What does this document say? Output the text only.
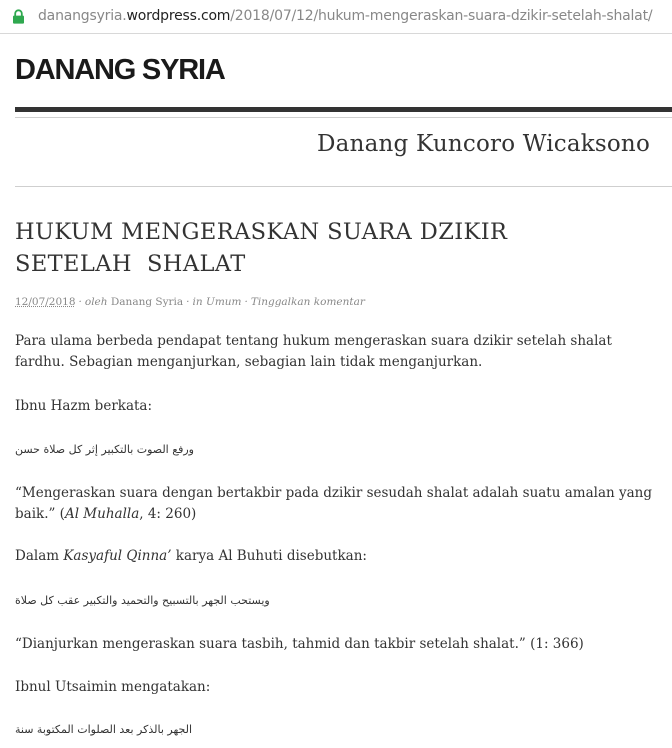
danangsyria.wordpress.com/2018/07/12/hukum-mengeraskan-suara-dzikir-setelah-shalat/
DANANG SYRIA

Danang Kuncoro Wicaksono

HUKUM MENGERASKAN SUARA DZIKIR
SETELAH  SHALAT
12/07/2018 · oleh Danang Syria · in Umum · Tinggalkan komentar

Para ulama berbeda pendapat tentang hukum mengeraskan suara dzikir setelah shalat fardhu. Sebagian menganjurkan, sebagian lain tidak menganjurkan.

Ibnu Hazm berkata:

ورفع الصوت بالتكبير إثر كل صلاة حسن

“Mengeraskan suara dengan bertakbir pada dzikir sesudah shalat adalah suatu amalan yang baik.” (Al Muhalla, 4: 260)

Dalam Kasyaful Qinna’ karya Al Buhuti disebutkan:

ويستحب الجهر بالتسبيح والتحميد والتكبير عقب كل صلاة

“Dianjurkan mengeraskan suara tasbih, tahmid dan takbir setelah shalat.” (1: 366)

Ibnul Utsaimin mengatakan:

الجهر بالذكر بعد الصلوات المكتوبة سنة
